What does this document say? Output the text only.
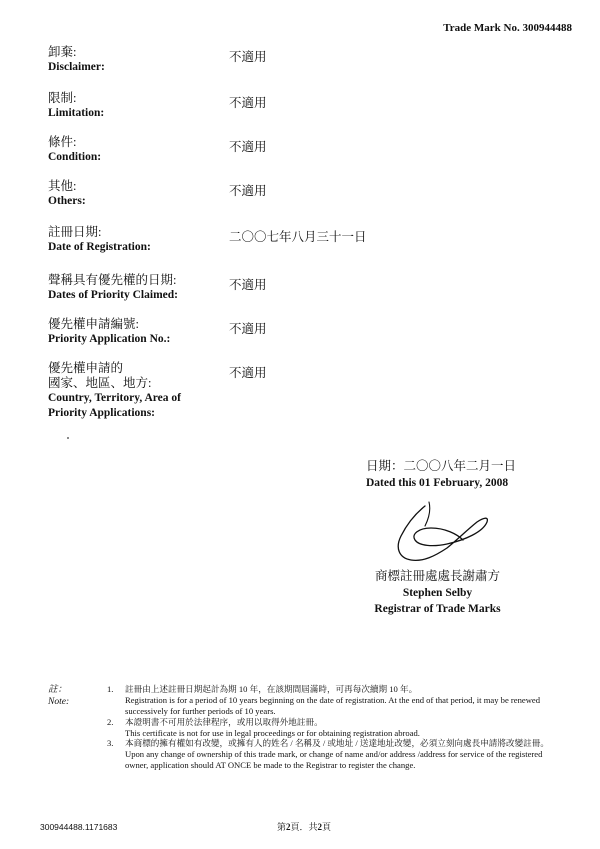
Trade Mark No. 300944488
卸棄:
Disclaimer:
不適用
限制:
Limitation:
不適用
條件:
Condition:
不適用
其他:
Others:
不適用
註冊日期:
Date of Registration:
二〇〇七年八月三十一日
聲稱具有優先權的日期:
Dates of Priority Claimed:
不適用
優先權申請編號:
Priority Application No.:
不適用
優先權申請的
國家、地區、地方:
Country, Territory, Area of
Priority Applications:
不適用
日期：二〇〇八年二月一日
Dated this 01 February, 2008
商標註冊處處長謝肅方
Stephen Selby
Registrar of Trade Marks
註：
Note:
1. 註冊由上述註冊日期起計為期 10 年，在該期間屆滿時，可再每次續期 10 年。
Registration is for a period of 10 years beginning on the date of registration. At the end of that period, it may be renewed successively for further periods of 10 years.
2. 本證明書不可用於法律程序，或用以取得外地註冊。
This certificate is not for use in legal proceedings or for obtaining registration abroad.
3. 本商標的擁有權如有改變，或擁有人的姓名 / 名稱及 / 或地址 / 送達地址改變，必須立刻向處長申請將改變註冊。
Upon any change of ownership of this trade mark, or change of name and/or address /address for service of the registered owner, application should AT ONCE be made to the Registrar to register the change.
300944488.1171683	第2頁．共2頁
